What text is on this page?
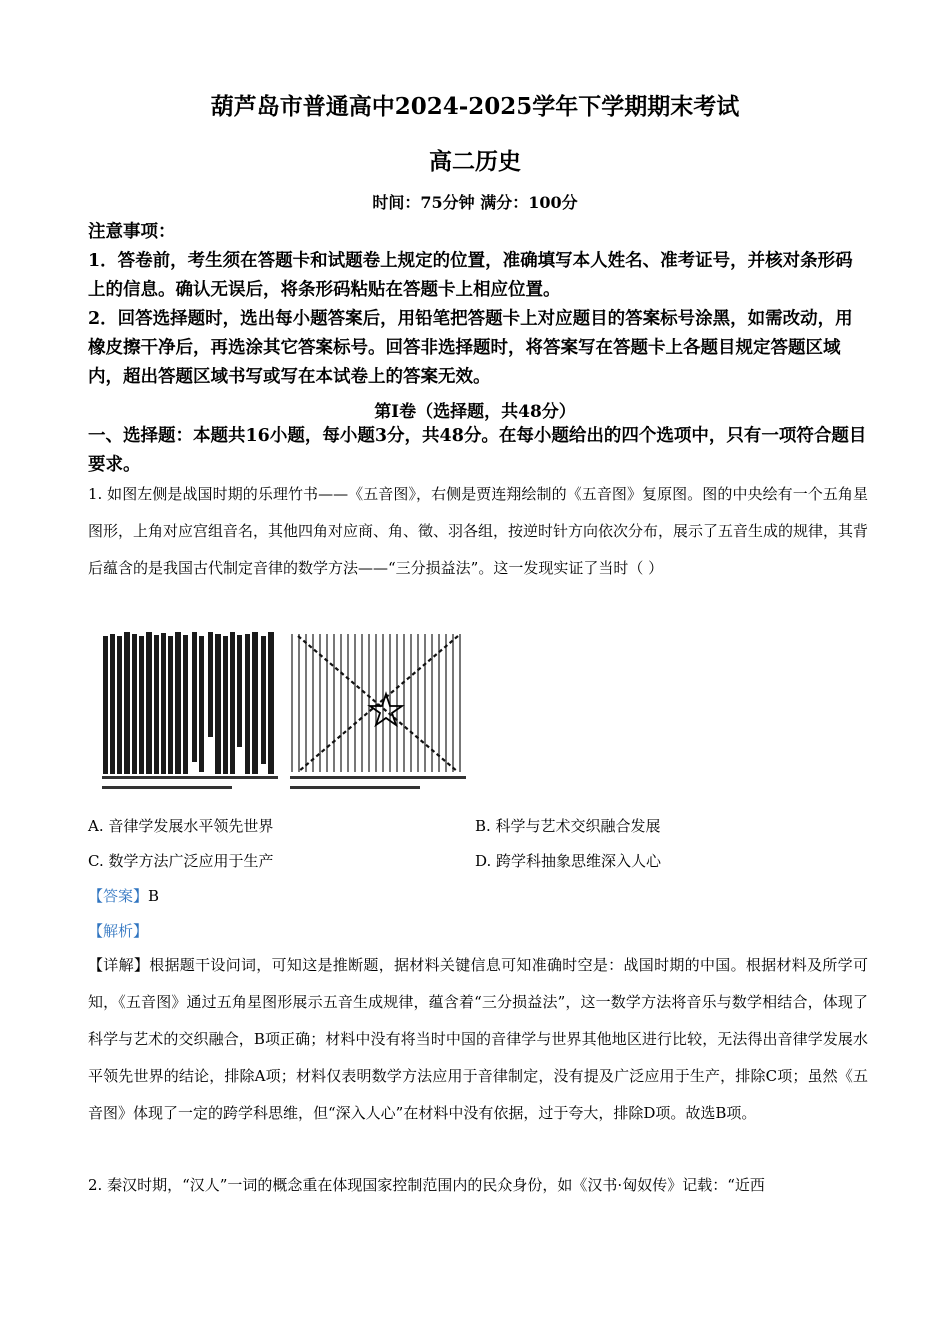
葫芦岛市普通高中2024-2025学年下学期期末考试
高二历史
时间：75分钟 满分：100分
注意事项：
1．答卷前，考生须在答题卡和试题卷上规定的位置，准确填写本人姓名、准考证号，并核对条形码上的信息。确认无误后，将条形码粘贴在答题卡上相应位置。
2．回答选择题时，选出每小题答案后，用铅笔把答题卡上对应题目的答案标号涂黑，如需改动，用橡皮擦干净后，再选涂其它答案标号。回答非选择题时，将答案写在答题卡上各题目规定答题区域内，超出答题区域书写或写在本试卷上的答案无效。
第Ⅰ卷（选择题，共48分）
一、选择题：本题共16小题，每小题3分，共48分。在每小题给出的四个选项中，只有一项符合题目要求。
1. 如图左侧是战国时期的乐理竹书——《五音图》，右侧是贾连翔绘制的《五音图》复原图。图的中央绘有一个五角星图形，上角对应宫组音名，其他四角对应商、角、徵、羽各组，按逆时针方向依次分布，展示了五音生成的规律，其背后蕴含的是我国古代制定音律的数学方法——“三分损益法”。这一发现实证了当时（ ）
A. 音律学发展水平领先世界	B. 科学与艺术交织融合发展
C. 数学方法广泛应用于生产	D. 跨学科抽象思维深入人心
【答案】B
【解析】
【详解】根据题干设问词，可知这是推断题，据材料关键信息可知准确时空是：战国时期的中国。根据材料及所学可知，《五音图》通过五角星图形展示五音生成规律，蕴含着“三分损益法”，这一数学方法将音乐与数学相结合，体现了科学与艺术的交织融合，B项正确；材料中没有将当时中国的音律学与世界其他地区进行比较，无法得出音律学发展水平领先世界的结论，排除A项；材料仅表明数学方法应用于音律制定，没有提及广泛应用于生产，排除C项；虽然《五音图》体现了一定的跨学科思维，但“深入人心”在材料中没有依据，过于夸大，排除D项。故选B项。
2. 秦汉时期，“汉人”一词的概念重在体现国家控制范围内的民众身份，如《汉书·匈奴传》记载：“近西
